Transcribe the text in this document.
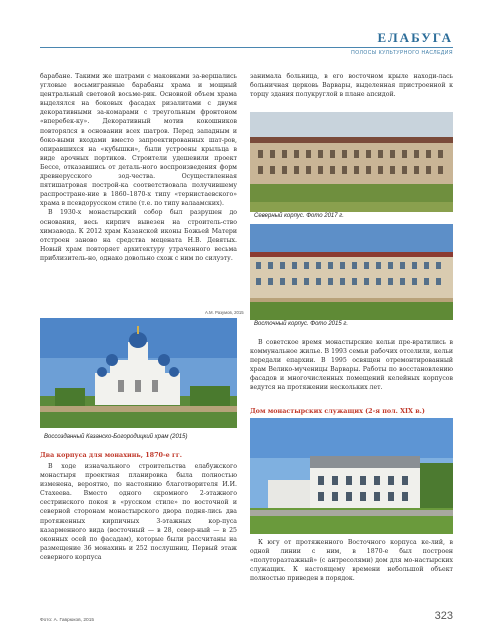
ЕЛАБУГА
ПОЛОСЫ КУЛЬТУРНОГО НАСЛЕДИЯ

барабане. Такими же шатрами с маковками за-вершались угловые восьмигранные барабаны храма и мощный центральный световой восьме-рик. Основной объем храма выделялся на боковых фасадах ризалитами с двумя декоративными за-комарами с треугольным фронтоном «вперебек-ку». Декоративный мотив кокошников повторялся в основании всех шатров. Перед западным и боко-выми входами вместо запроектированных шат-ров, опиравшихся на «кубышки», были устроены крыльца в виде арочных портиков. Строители удешевили проект Бессе, отказавшись от деталь-ного воспроизведения форм древнерусского зод-чества. Осуществленная пятишатровая построй-ка соответствовала получившему распростране-ние в 1860–1870-х типу «тернистаевского» храма в псевдорусском стиле (т.е. по типу валаамских).

В 1930-х монастырский собор был разрушен до основания, весь кирпич вывезен на строитель-ство химзавода. К 2012 храм Казанской иконы Божьей Матери отстроен заново на средства мецената Н.В. Девятых. Новый храм повторяет архитектуру утраченного весьма приблизитель-но, однако довольно схож с ним по силуэту.

А.М. Разумов, 2015

занимала больница, в его восточном крыле находи-лась больничная церковь Варвары, выделенная пристроенной к торцу здания полукруглой в плане апсидой.

Северный корпус. Фото 2017 г.
Восточный корпус. Фото 2015 г.
Воссозданный Казанско-Богородицкий храм (2015)

В советское время монастырские кельи пре-вратились в коммунальное жилье. В 1993 семьи рабочих отселили, кельи передали епархии. В 1995 освящен отремонтированный храм Велико-мученицы Варвары. Работы по восстановлению фасадов и многочисленных помещений келейных корпусов ведутся на протяжении нескольких лет.

Дом монастырских служащих (2-я пол. XIX в.)
Два корпуса для монахинь, 1870-е гг.

В ходе изначального строительства елабужского монастыря проектная планировка была полностью изменена, вероятно, по настоянию благотворителя И.И. Стахеева. Вместо одного скромного 2-этажного сестринского покоя в «русском стиле» по восточной и северной сторонам монастырского двора подня-лись два протяженных кирпичных 3-этажных кор-пуса казарменного вида (восточный — в 28, север-ный — в 25 оконных осей по фасадам), которые были рассчитаны на размещение 36 монахинь и 252 послушниц. Первый этаж северного корпуса

К югу от протяженного Восточного корпуса ке-лий, в одной линии с ним, в 1870-е был построен «полуторазтажный» (с антресолями) дом для мо-настырских служащих. К настоящему времени небольшой объект полностью приведен в порядок.

Фото: А. Гаврюков, 2015	323
